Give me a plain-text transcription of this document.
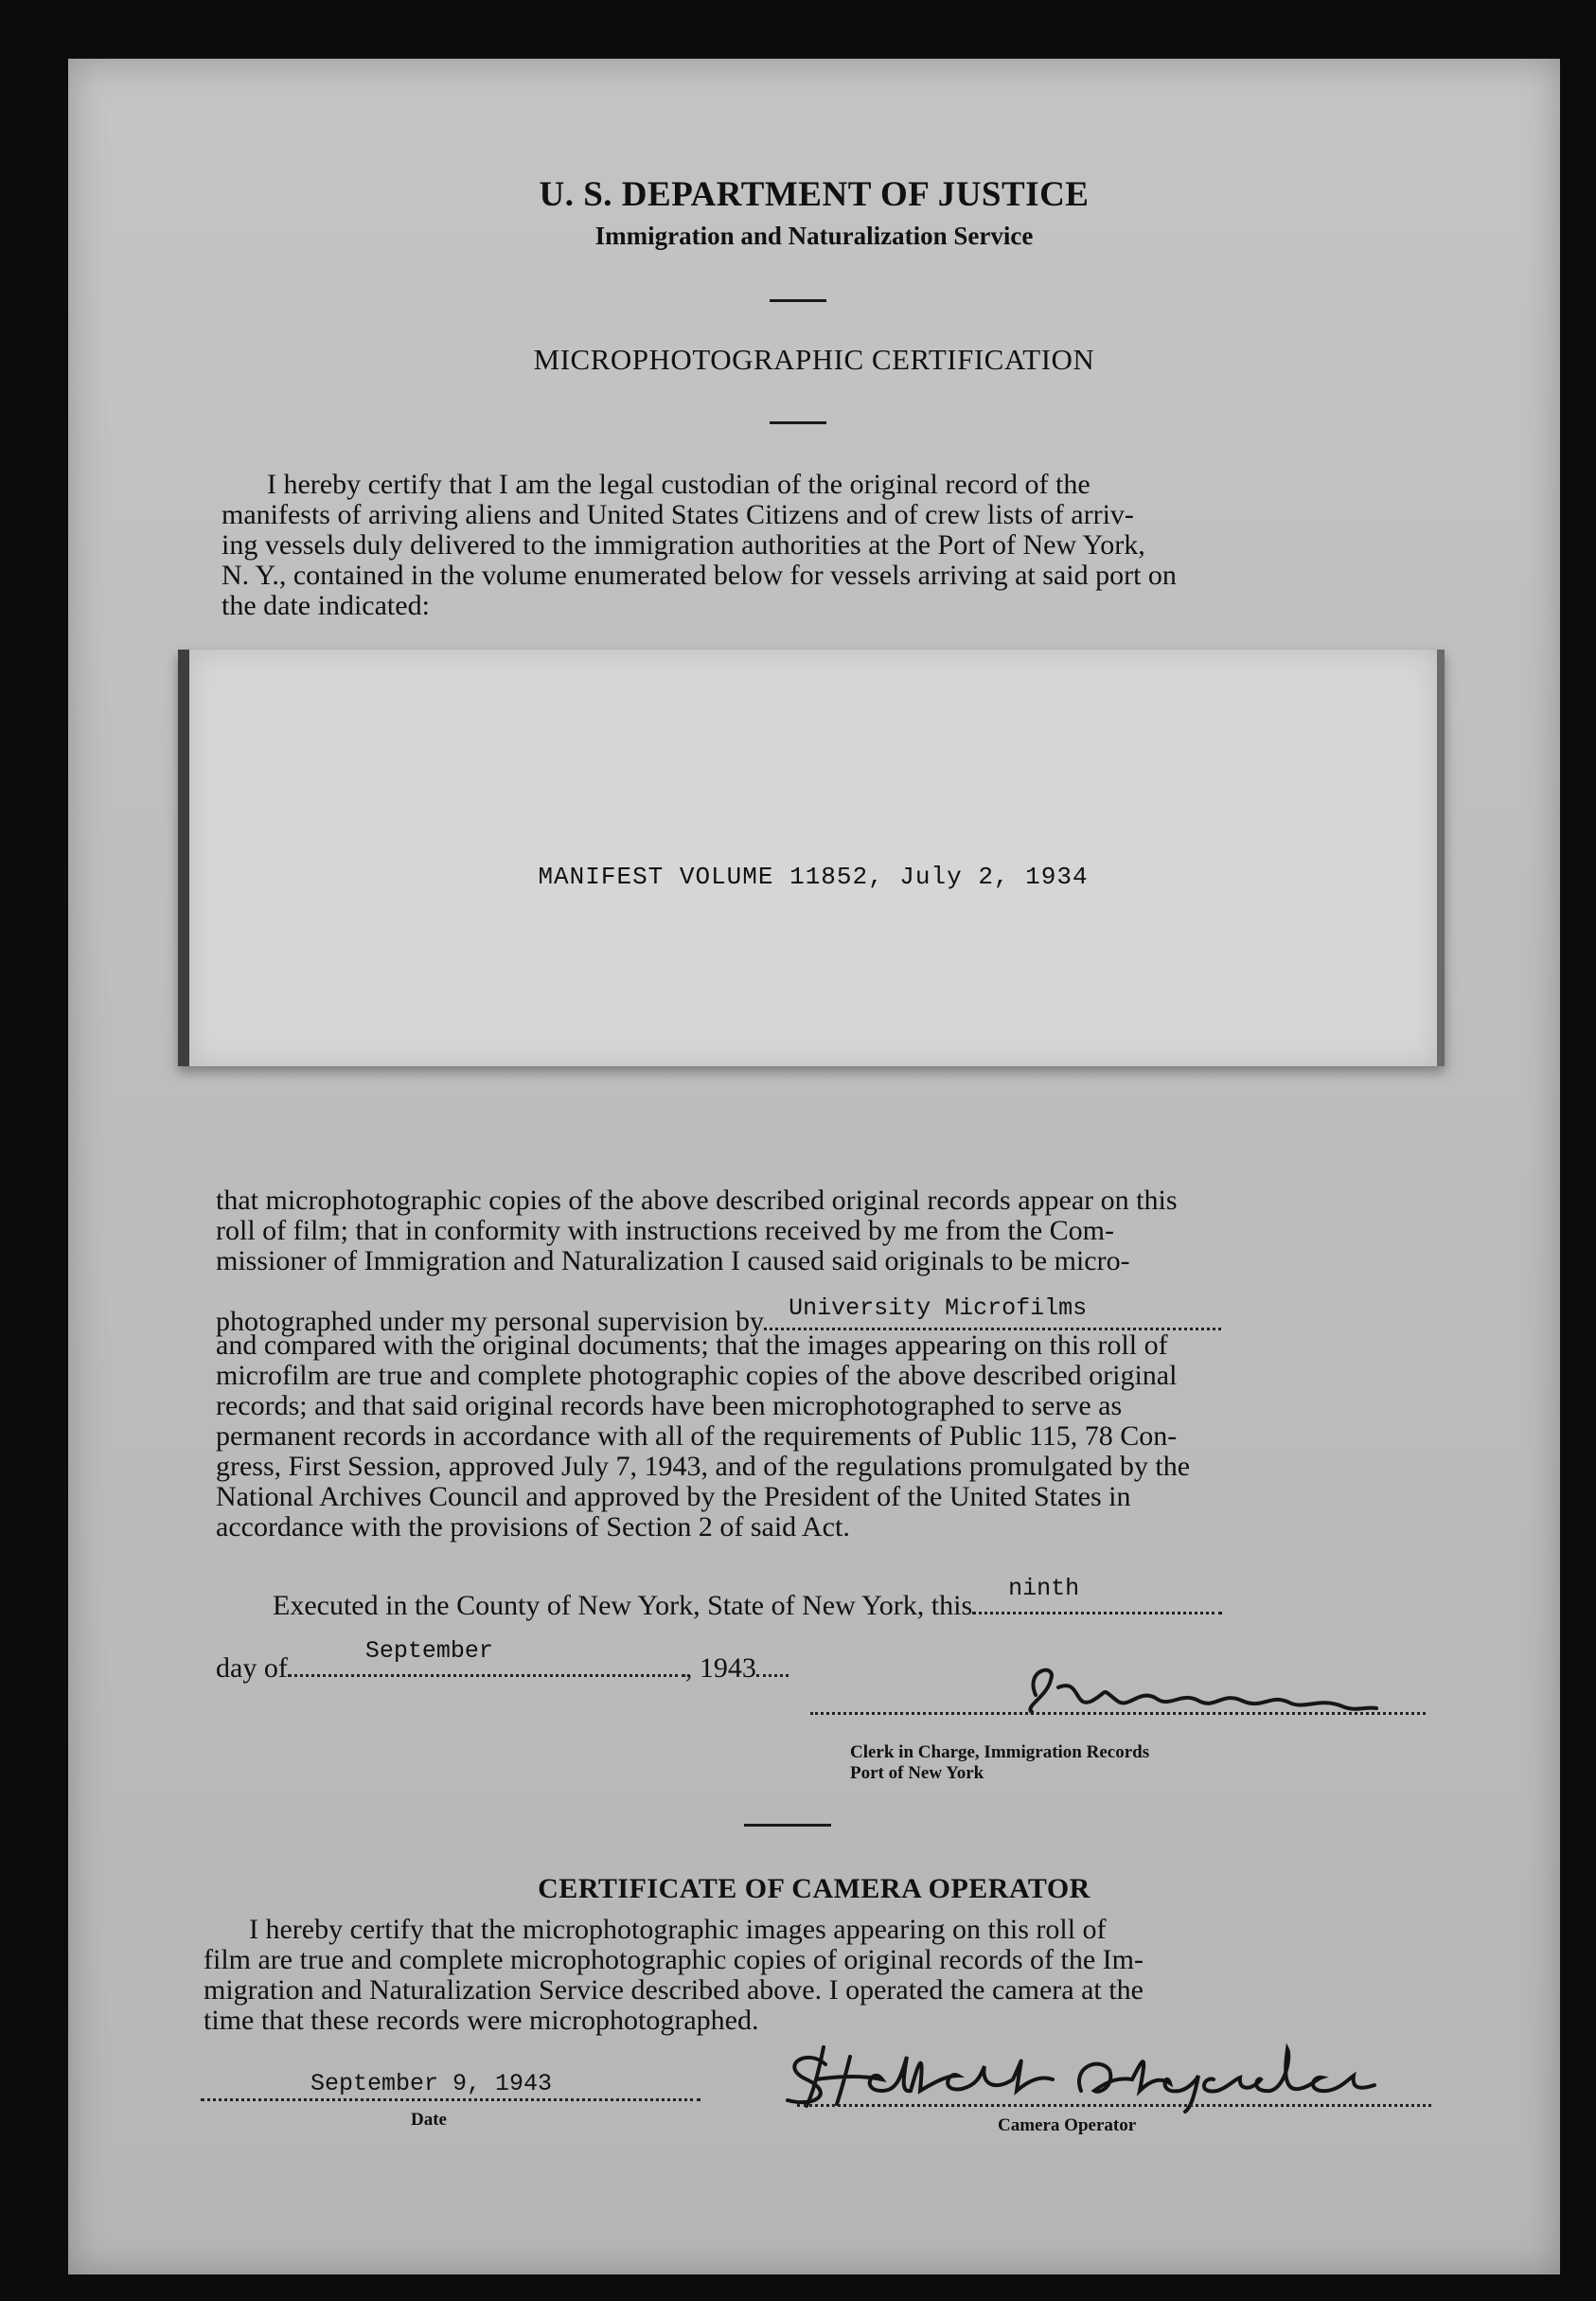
U. S. DEPARTMENT OF JUSTICE
Immigration and Naturalization Service
MICROPHOTOGRAPHIC CERTIFICATION

I hereby certify that I am the legal custodian of the original record of the

manifests of arriving aliens and United States Citizens and of crew lists of arriv-

ing vessels duly delivered to the immigration authorities at the Port of New York,

N. Y., contained in the volume enumerated below for vessels arriving at said port on

the date indicated:

MANIFEST VOLUME 11852, July 2, 1934

that microphotographic copies of the above described original records appear on this

roll of film; that in conformity with instructions received by me from the Com-

missioner of Immigration and Naturalization I caused said originals to be micro-

photographed under my personal supervision by University Microfilms

and compared with the original documents; that the images appearing on this roll of

microfilm are true and complete photographic copies of the above described original

records; and that said original records have been microphotographed to serve as

permanent records in accordance with all of the requirements of Public 115, 78 Con-

gress, First Session, approved July 7, 1943, and of the regulations promulgated by the

National Archives Council and approved by the President of the United States in

accordance with the provisions of Section 2 of said Act.

Executed in the County of New York, State of New York, this
ninth
day of
September
, 1943
Clerk in Charge, Immigration Records
Port of New York
CERTIFICATE OF CAMERA OPERATOR

I hereby certify that the microphotographic images appearing on this roll of

film are true and complete microphotographic copies of original records of the Im-

migration and Naturalization Service described above. I operated the camera at the

time that these records were microphotographed.

September 9, 1943
Date	Camera Operator
